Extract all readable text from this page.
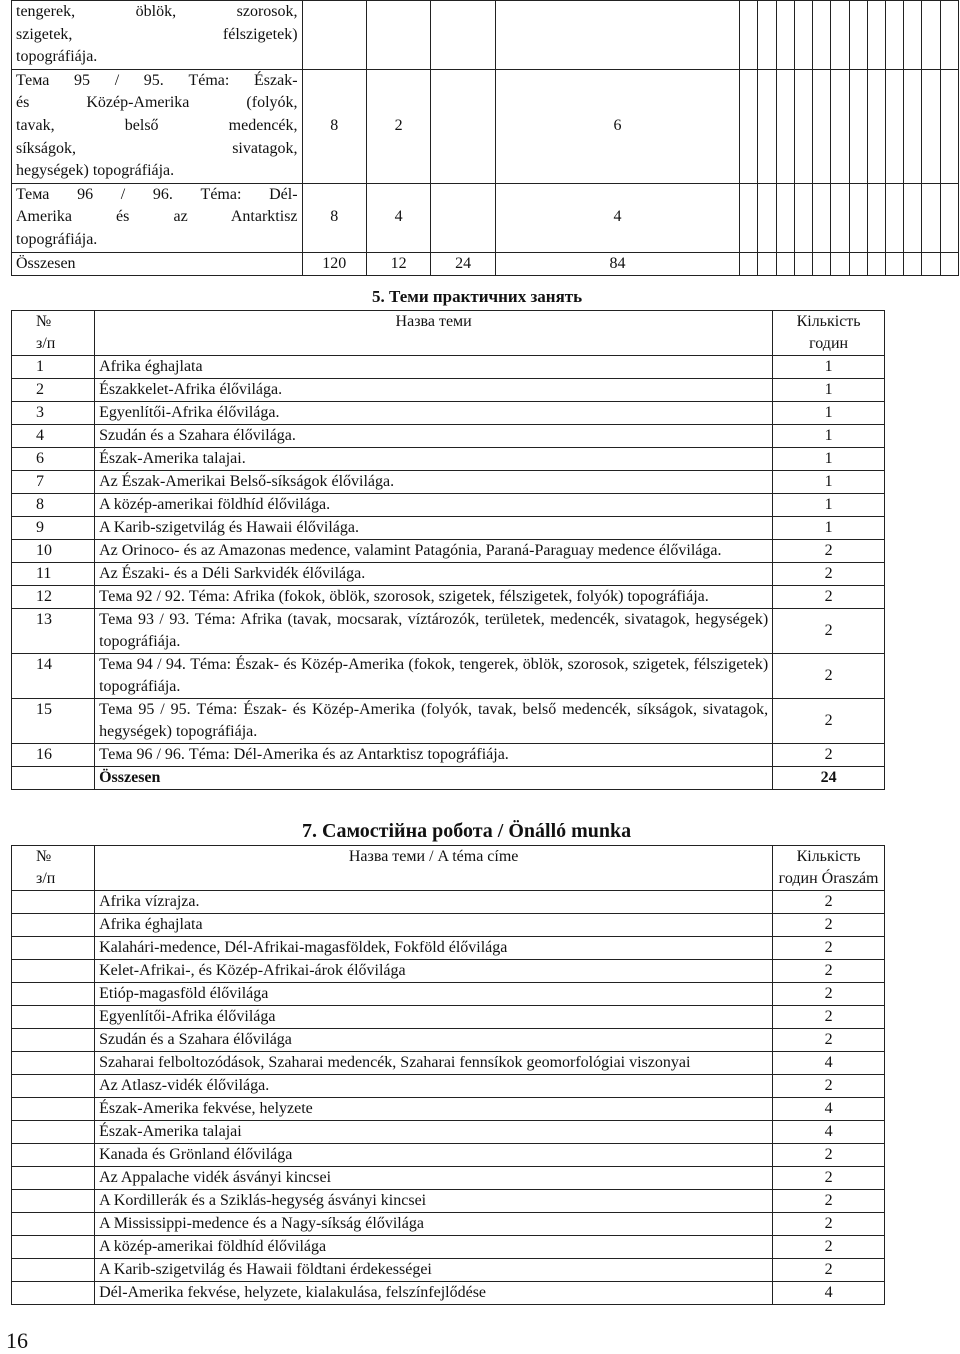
tengerek, öblök, szorosok,
szigetek, félszigetek)

topográfiája.																

Тема 95 / 95. Téma: Észak-
és Közép-Amerika (folyók,
tavak, belső medencék,
síkságok, sivatagok,

hegységek) topográfiája.	8	2		6												
Тема 96 / 96. Téma: Dél-
Amerika és az Antarktisz

topográfiája.	8	4		4												

Összesen	120	12	24	84												
5. Теми практичних занять
№
з/п	Назва теми	Кількість
годин
1	Afrika éghajlata	1
2	Északkelet-Afrika élővilága.	1
3	Egyenlítői-Afrika élővilága.	1
4	Szudán és a Szahara élővilága.	1
6	Észak-Amerika talajai.	1
7	Az Észak-Amerikai Belső-síkságok élővilága.	1
8	A közép-amerikai földhíd élővilága.	1
9	A Karib-szigetvilág és Hawaii élővilága.	1
10	Az Orinoco- és az Amazonas medence, valamint Patagónia, Paraná-Paraguay medence élővilága.	2
11	Az Északi- és a Déli Sarkvidék élővilága.	2
12	Тема 92 / 92. Téma: Afrika (fokok, öblök, szorosok, szigetek, félszigetek, folyók) topográfiája.	2
13	Тема 93 / 93. Téma: Afrika (tavak, mocsarak, víztározók, területek, medencék, sivatagok, hegységek) topográfiája.	2
14	Тема 94 / 94. Téma: Észak- és Közép-Amerika (fokok, tengerek, öblök, szorosok, szigetek, félszigetek) topográfiája.	2
15	Тема 95 / 95. Téma: Észak- és Közép-Amerika (folyók, tavak, belső medencék, síkságok, sivatagok, hegységek) topográfiája.	2
16	Тема 96 / 96. Téma: Dél-Amerika és az Antarktisz topográfiája.	2
	Összesen	24
7. Самостійна робота / Önálló munka
№
з/п	Назва теми / A téma címe	Кількість
годин Óraszám
	Afrika vízrajza.	2
	Afrika éghajlata	2
	Kalahári-medence, Dél-Afrikai-magasföldek, Fokföld élővilága	2
	Kelet-Afrikai-, és Közép-Afrikai-árok élővilága	2
	Etióp-magasföld élővilága	2
	Egyenlítői-Afrika élővilága	2
	Szudán és a Szahara élővilága	2
	Szaharai felboltozódások, Szaharai medencék, Szaharai fennsíkok geomorfológiai viszonyai	4
	Az Atlasz-vidék élővilága.	2
	Észak-Amerika fekvése, helyzete	4
	Észak-Amerika talajai	4
	Kanada és Grönland élővilága	2
	Az Appalache vidék ásványi kincsei	2
	A Kordillerák és a Sziklás-hegység ásványi kincsei	2
	A Mississippi-medence és a Nagy-síkság élővilága	2
	A közép-amerikai földhíd élővilága	2
	A Karib-szigetvilág és Hawaii földtani érdekességei	2
	Dél-Amerika fekvése, helyzete, kialakulása, felszínfejlődése	4
16
